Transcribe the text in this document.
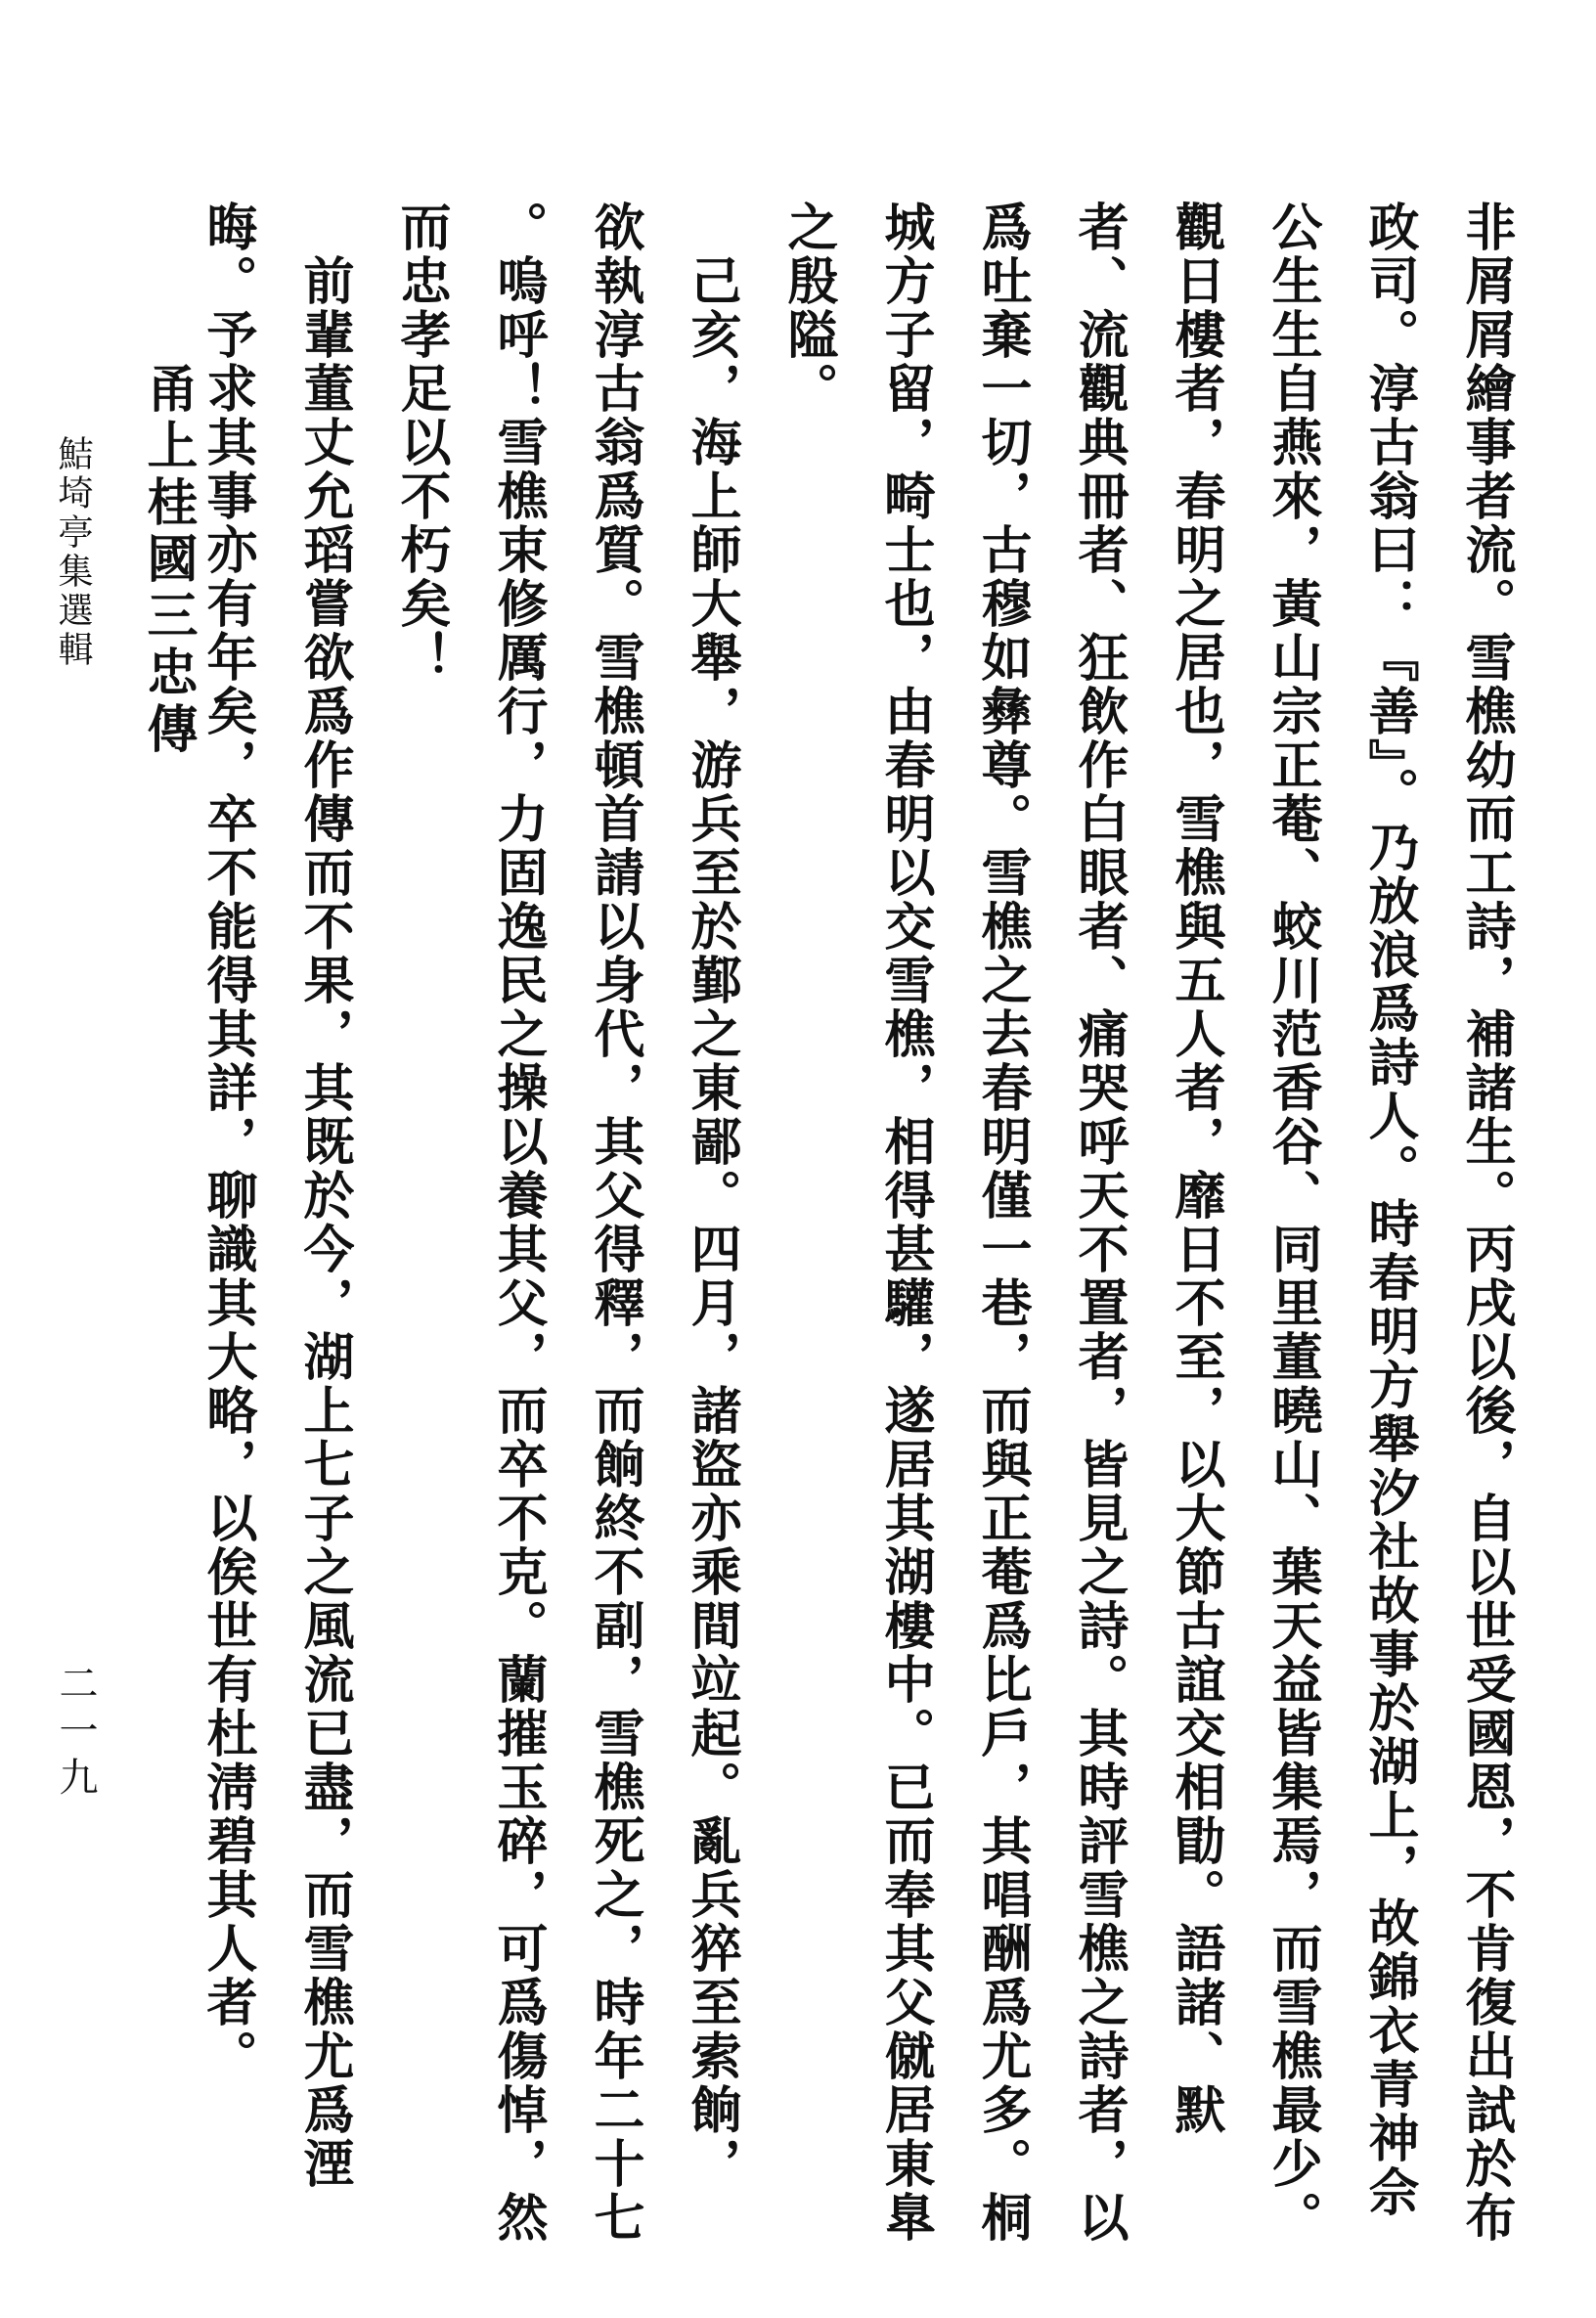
非屑屑繪事者流。雪樵幼而工詩，補諸生。丙戌以後，自以世受國恩，不肯復出試於布
政司。淳古翁曰：『善』。乃放浪爲詩人。時春明方舉汐社故事於湖上，故錦衣青神佘
公生生自燕來，黃山宗正菴、蛟川范香谷、同里董曉山、葉天益皆集焉，而雪樵最少。
觀日樓者，春明之居也，雪樵與五人者，靡日不至，以大節古誼交相勖。語諸、默
者、流觀典冊者、狂飲作白眼者、痛哭呼天不置者，皆見之詩。其時評雪樵之詩者，以
爲吐棄一切，古穆如彝尊。雪樵之去春明僅一巷，而與正菴爲比戶，其唱酬爲尤多。桐
城方子留，畸士也，由春明以交雪樵，相得甚驩，遂居其湖樓中。已而奉其父僦居東臯
之殷隘。
　己亥，海上師大舉，游兵至於鄞之東鄙。四月，諸盜亦乘間竝起。亂兵猝至索餉，
欲執淳古翁爲質。雪樵頓首請以身代，其父得釋，而餉終不副，雪樵死之，時年二十七
。嗚呼！雪樵束修厲行，力固逸民之操以養其父，而卒不克。蘭摧玉碎，可爲傷悼，然
而忠孝足以不朽矣！
　前輩董丈允瑫嘗欲爲作傳而不果，其既於今，湖上七子之風流已盡，而雪樵尤爲湮
晦。予求其事亦有年矣，卒不能得其詳，聊識其大略，以俟世有杜淸碧其人者。
甬上桂國三忠傳
鮚埼亭集選輯
二一九
